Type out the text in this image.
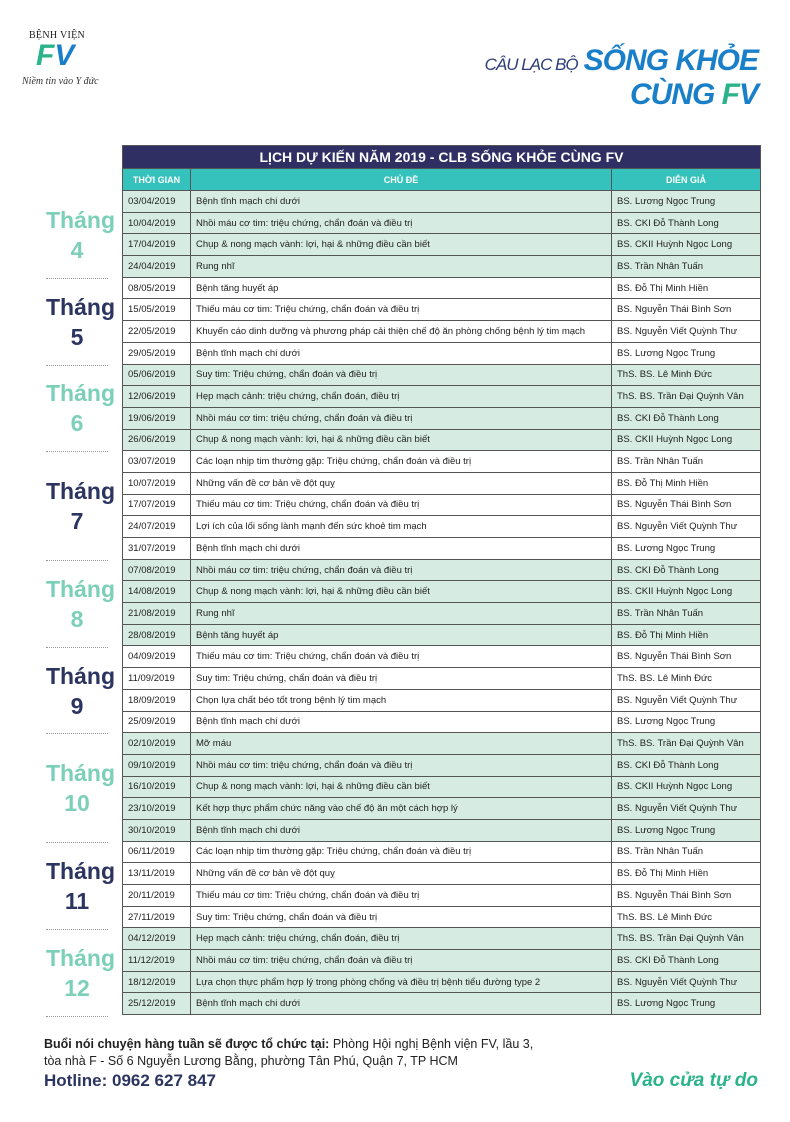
BỆNH VIỆN
F V
Niềm tin vào Y đức
CÂU LẠC BỘ SỐNG KHỎE
CÙNG FV
Tháng
4
Tháng
5
Tháng
6
Tháng
7
Tháng
8
Tháng
9
Tháng
10
Tháng
11
Tháng
12
LỊCH DỰ KIẾN NĂM 2019 - CLB SỐNG KHỎE CÙNG FV		
THỜI GIAN	CHỦ ĐỀ	DIỄN GIẢ
03/04/2019	Bệnh tĩnh mạch chi dưới	BS. Lương Ngọc Trung
10/04/2019	Nhồi máu cơ tim: triệu chứng, chẩn đoán và điều trị	BS. CKI Đỗ Thành Long
17/04/2019	Chụp & nong mạch vành: lợi, hại & những điều cần biết	BS. CKII Huỳnh Ngọc Long
24/04/2019	Rung nhĩ	BS. Trần Nhân Tuấn
08/05/2019	Bệnh tăng huyết áp	BS. Đỗ Thị Minh Hiền
15/05/2019	Thiếu máu cơ tim: Triệu chứng, chẩn đoán và điều trị	BS. Nguyễn Thái Bình Sơn
22/05/2019	Khuyến cáo dinh dưỡng và phương pháp cải thiện chế độ ăn phòng chống bệnh lý tim mạch	BS. Nguyễn Viết Quỳnh Thư
29/05/2019	Bệnh tĩnh mạch chi dưới	BS. Lương Ngọc Trung
05/06/2019	Suy tim: Triệu chứng, chẩn đoán và điều trị	ThS. BS. Lê Minh Đức
12/06/2019	Hẹp mạch cảnh: triệu chứng, chẩn đoán, điều trị	ThS. BS. Trần Đại Quỳnh Vân
19/06/2019	Nhồi máu cơ tim: triệu chứng, chẩn đoán và điều trị	BS. CKI Đỗ Thành Long
26/06/2019	Chụp & nong mạch vành: lợi, hại & những điều cần biết	BS. CKII Huỳnh Ngọc Long
03/07/2019	Các loạn nhịp tim thường gặp: Triệu chứng, chẩn đoán và điều trị	BS. Trần Nhân Tuấn
10/07/2019	Những vấn đề cơ bản về đột quỵ	BS. Đỗ Thị Minh Hiền
17/07/2019	Thiếu máu cơ tim: Triệu chứng, chẩn đoán và điều trị	BS. Nguyễn Thái Bình Sơn
24/07/2019	Lợi ích của lối sống lành mạnh đến sức khoẻ tim mạch	BS. Nguyễn Viết Quỳnh Thư
31/07/2019	Bệnh tĩnh mạch chi dưới	BS. Lương Ngọc Trung
07/08/2019	Nhồi máu cơ tim: triệu chứng, chẩn đoán và điều trị	BS. CKI Đỗ Thành Long
14/08/2019	Chụp & nong mạch vành: lợi, hại & những điều cần biết	BS. CKII Huỳnh Ngọc Long
21/08/2019	Rung nhĩ	BS. Trần Nhân Tuấn
28/08/2019	Bệnh tăng huyết áp	BS. Đỗ Thị Minh Hiền
04/09/2019	Thiếu máu cơ tim: Triệu chứng, chẩn đoán và điều trị	BS. Nguyễn Thái Bình Sơn
11/09/2019	Suy tim: Triệu chứng, chẩn đoán và điều trị	ThS. BS. Lê Minh Đức
18/09/2019	Chọn lựa chất béo tốt trong bệnh lý tim mạch	BS. Nguyễn Viết Quỳnh Thư
25/09/2019	Bệnh tĩnh mạch chi dưới	BS. Lương Ngọc Trung
02/10/2019	Mỡ máu	ThS. BS. Trần Đại Quỳnh Vân
09/10/2019	Nhồi máu cơ tim: triệu chứng, chẩn đoán và điều trị	BS. CKI Đỗ Thành Long
16/10/2019	Chụp & nong mạch vành: lợi, hại & những điều cần biết	BS. CKII Huỳnh Ngọc Long
23/10/2019	Kết hợp thực phẩm chức năng vào chế độ ăn một cách hợp lý	BS. Nguyễn Viết Quỳnh Thư
30/10/2019	Bệnh tĩnh mạch chi dưới	BS. Lương Ngọc Trung
06/11/2019	Các loạn nhịp tim thường gặp: Triệu chứng, chẩn đoán và điều trị	BS. Trần Nhân Tuấn
13/11/2019	Những vấn đề cơ bản về đột quỵ	BS. Đỗ Thị Minh Hiền
20/11/2019	Thiếu máu cơ tim: Triệu chứng, chẩn đoán và điều trị	BS. Nguyễn Thái Bình Sơn
27/11/2019	Suy tim: Triệu chứng, chẩn đoán và điều trị	ThS. BS. Lê Minh Đức
04/12/2019	Hẹp mạch cảnh: triệu chứng, chẩn đoán, điều trị	ThS. BS. Trần Đại Quỳnh Vân
11/12/2019	Nhồi máu cơ tim: triệu chứng, chẩn đoán và điều trị	BS. CKI Đỗ Thành Long
18/12/2019	Lựa chọn thực phẩm hợp lý trong phòng chống và điều trị bệnh tiểu đường type 2	BS. Nguyễn Viết Quỳnh Thư
25/12/2019	Bệnh tĩnh mạch chi dưới	BS. Lương Ngọc Trung
Buổi nói chuyện hàng tuần sẽ được tổ chức tại: Phòng Hội nghị Bệnh viện FV, lầu 3,
tòa nhà F - Số 6 Nguyễn Lương Bằng, phường Tân Phú, Quận 7, TP HCM
Hotline: 0962 627 847	Vào cửa tự do
